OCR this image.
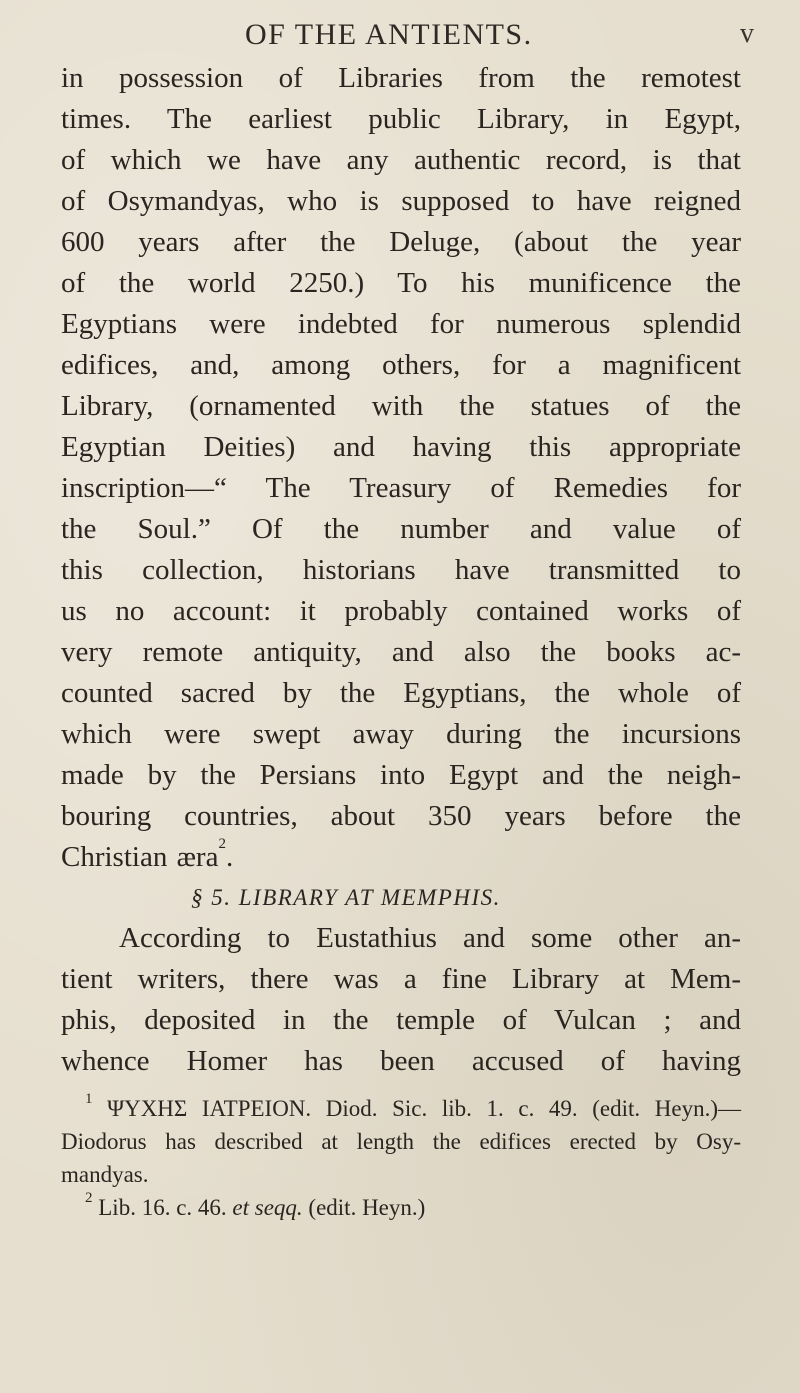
OF THE ANTIENTS.	v
in possession of Libraries from the remotest
times. The earliest public Library, in Egypt,
of which we have any authentic record, is that
of Osymandyas, who is supposed to have reigned
600 years after the Deluge, (about the year
of the world 2250.) To his munificence the
Egyptians were indebted for numerous splendid
edifices, and, among others, for a magnificent
Library, (ornamented with the statues of the
Egyptian Deities) and having this appropriate
inscription—“ The Treasury of Remedies for
the Soul.” Of the number and value of
this collection, historians have transmitted to
us no account: it probably contained works of
very remote antiquity, and also the books ac-
counted sacred by the Egyptians, the whole of
which were swept away during the incursions
made by the Persians into Egypt and the neigh-
bouring countries, about 350 years before the
Christian æra$^2$.
§ 5. LIBRARY AT MEMPHIS.
According to Eustathius and some other an-
tient writers, there was a fine Library at Mem-
phis, deposited in the temple of Vulcan ; and
whence Homer has been accused of having
$^1$ ΨΥΧΗΣ ΙΑΤΡΕΙΟΝ. Diod. Sic. lib. 1. c. 49. (edit. Heyn.)—
Diodorus has described at length the edifices erected by Osy-
mandyas.
$^2$ Lib. 16. c. 46. et seqq. (edit. Heyn.)
